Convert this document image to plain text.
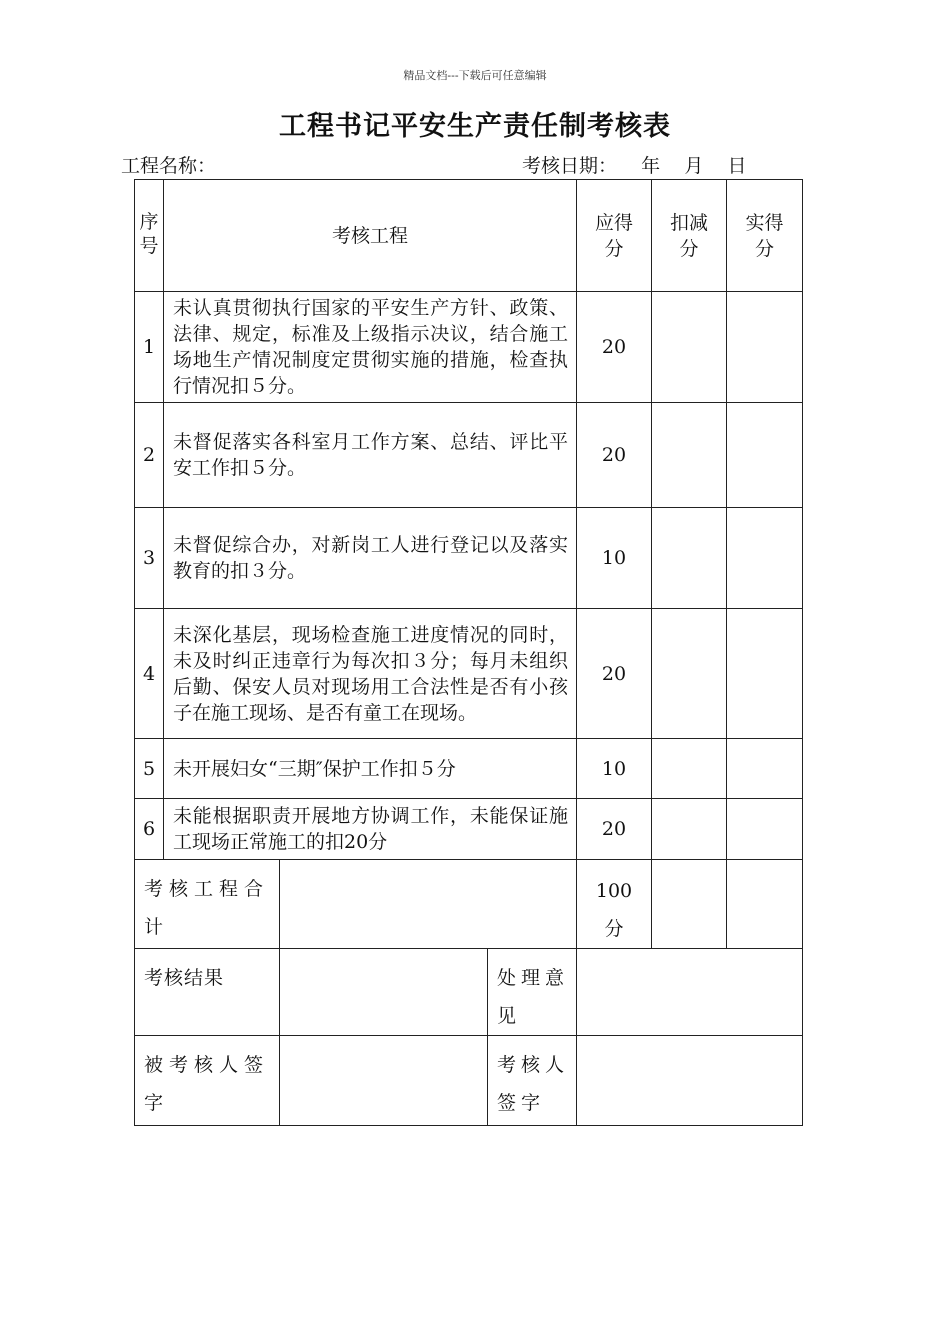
精品文档---下载后可任意编辑
工程书记平安生产责任制考核表
工程名称：	考核日期：    年    月    日
序号	考核工程			应得分	扣减分	实得分
1	未认真贯彻执行国家的平安生产方针、政策、法律、规定，标准及上级指示决议，结合施工场地生产情况制度定贯彻实施的措施，检查执行情况扣５分。			20		
2	未督促落实各科室月工作方案、总结、评比平安工作扣５分。			20		
3	未督促综合办，对新岗工人进行登记以及落实教育的扣３分。			10		
4	未深化基层，现场检查施工进度情况的同时，未及时纠正违章行为每次扣３分；每月未组织后勤、保安人员对现场用工合法性是否有小孩子在施工现场、是否有童工在现场。			20		
5	未开展妇女“三期″保护工作扣５分			10		
6	未能根据职责开展地方协调工作，未能保证施工现场正常施工的扣20分			20		
考核工程合计				100分		
考核结果			处理意见			
被考核人签字			考核人签字			
